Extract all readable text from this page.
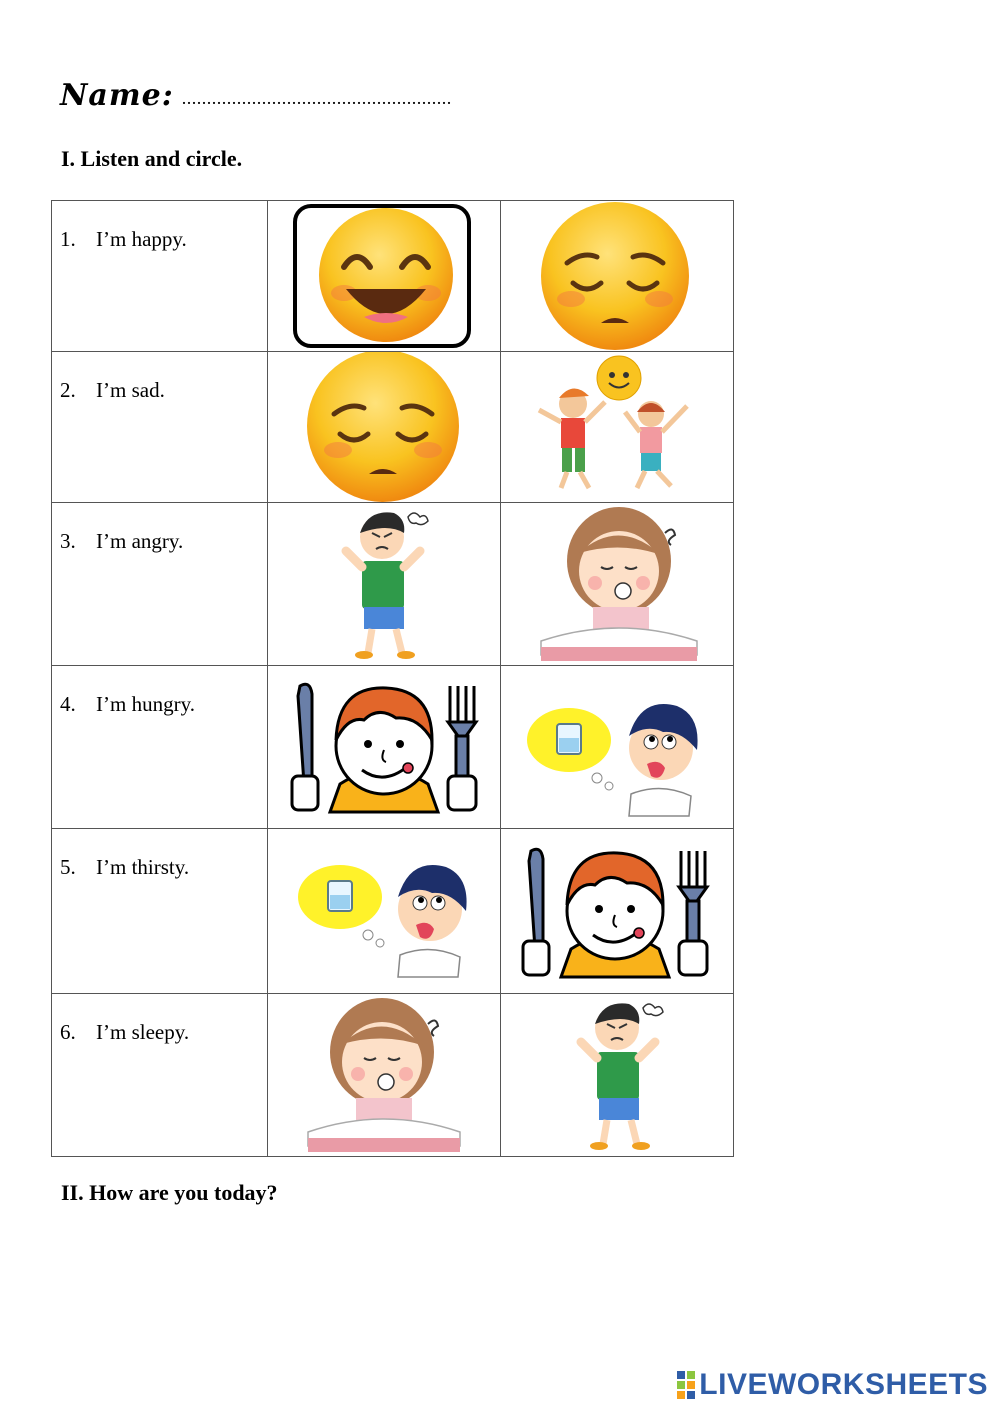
Name: ......................................................
I. Listen and circle.
1. I’m happy.

2. I’m sad.

3. I’m angry.

4. I’m hungry.

5. I’m thirsty.

6. I’m sleepy.

II. How are you today?
LIVEWORKSHEETS
